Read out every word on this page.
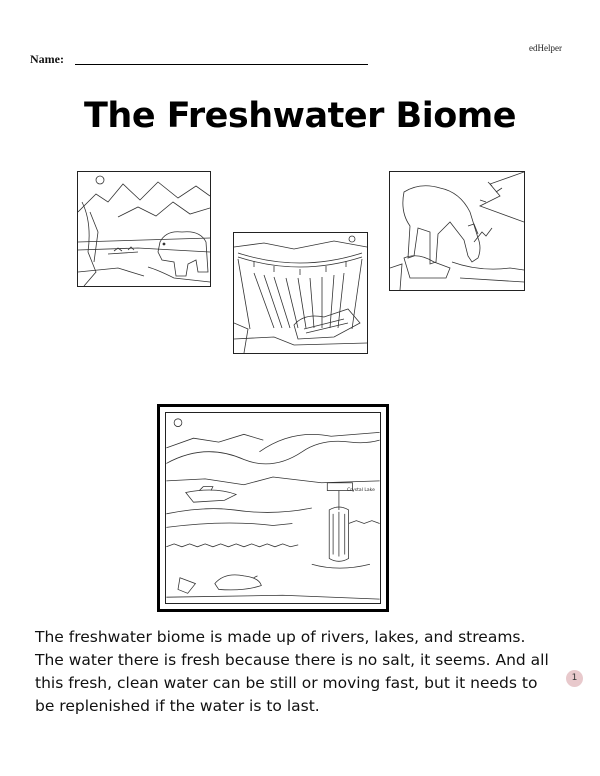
edHelper
Name:
The Freshwater Biome
Crystal Lake
The freshwater biome is made up of rivers, lakes, and streams.
The water there is fresh because there is no salt, it seems. And all
this fresh, clean water can be still or moving fast, but it needs to
be replenished if the water is to last.
1
